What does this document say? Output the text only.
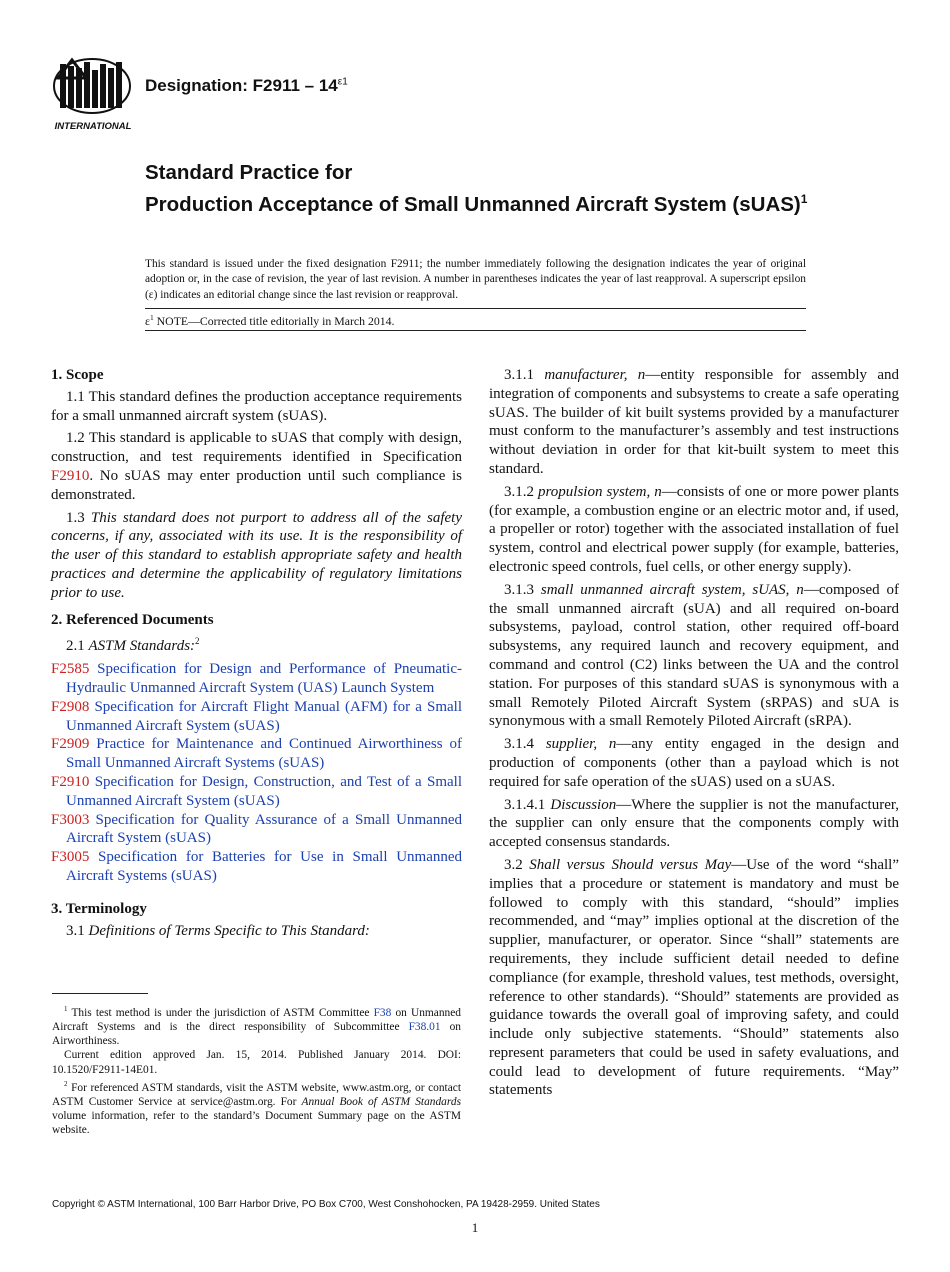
INTERNATIONAL
Designation: $F2911 - 14^{\varepsilon 1}$
Standard Practice for
Production Acceptance of Small Unmanned Aircraft System (sUAS)$^1$
This standard is issued under the fixed designation F2911; the number immediately following the designation indicates the year of original adoption or, in the case of revision, the year of last revision. A number in parentheses indicates the year of last reapproval. A superscript epsilon (ε) indicates an editorial change since the last revision or reapproval.
$\varepsilon^1$ NOTE—Corrected title editorially in March 2014.

1. Scope

1.1 This standard defines the production acceptance requirements for a small unmanned aircraft system (sUAS).

1.2 This standard is applicable to sUAS that comply with design, construction, and test requirements identified in Specification F2910. No sUAS may enter production until such compliance is demonstrated.

1.3 This standard does not purport to address all of the safety concerns, if any, associated with its use. It is the responsibility of the user of this standard to establish appropriate safety and health practices and determine the applicability of regulatory limitations prior to use.

2. Referenced Documents

2.1 ASTM Standards:$^2$

F2585 Specification for Design and Performance of Pneumatic-Hydraulic Unmanned Aircraft System (UAS) Launch System

F2908 Specification for Aircraft Flight Manual (AFM) for a Small Unmanned Aircraft System (sUAS)

F2909 Practice for Maintenance and Continued Airworthiness of Small Unmanned Aircraft Systems (sUAS)

F2910 Specification for Design, Construction, and Test of a Small Unmanned Aircraft System (sUAS)

F3003 Specification for Quality Assurance of a Small Unmanned Aircraft System (sUAS)

F3005 Specification for Batteries for Use in Small Unmanned Aircraft Systems (sUAS)

3. Terminology

3.1 Definitions of Terms Specific to This Standard:

3.1.1 manufacturer, n—entity responsible for assembly and integration of components and subsystems to create a safe operating sUAS. The builder of kit built systems provided by a manufacturer must conform to the manufacturer’s assembly and test instructions without deviation in order for that kit-built system to meet this standard.

3.1.2 propulsion system, n—consists of one or more power plants (for example, a combustion engine or an electric motor and, if used, a propeller or rotor) together with the associated installation of fuel system, control and electrical power supply (for example, batteries, electronic speed controls, fuel cells, or other energy supply).

3.1.3 small unmanned aircraft system, sUAS, n—composed of the small unmanned aircraft (sUA) and all required on-board subsystems, payload, control station, other required off-board subsystems, any required launch and recovery equipment, and command and control (C2) links between the UA and the control station. For purposes of this standard sUAS is synonymous with a small Remotely Piloted Aircraft System (sRPAS) and sUA is synonymous with a small Remotely Piloted Aircraft (sRPA).

3.1.4 supplier, n—any entity engaged in the design and production of components (other than a payload which is not required for safe operation of the sUAS) used on a sUAS.

3.1.4.1 Discussion—Where the supplier is not the manufacturer, the supplier can only ensure that the components comply with accepted consensus standards.

3.2 Shall versus Should versus May—Use of the word “shall” implies that a procedure or statement is mandatory and must be followed to comply with this standard, “should” implies recommended, and “may” implies optional at the discretion of the supplier, manufacturer, or operator. Since “shall” statements are requirements, they include sufficient detail needed to define compliance (for example, threshold values, test methods, oversight, reference to other standards). “Should” statements are provided as guidance towards the overall goal of improving safety, and could include only subjective statements. “Should” statements also represent parameters that could be used in safety evaluations, and could lead to development of future requirements. “May” statements

$^1$ This test method is under the jurisdiction of ASTM Committee F38 on Unmanned Aircraft Systems and is the direct responsibility of Subcommittee F38.01 on Airworthiness.

Current edition approved Jan. 15, 2014. Published January 2014. DOI: 10.1520/F2911-14E01.

$^2$ For referenced ASTM standards, visit the ASTM website, www.astm.org, or contact ASTM Customer Service at service@astm.org. For Annual Book of ASTM Standards volume information, refer to the standard’s Document Summary page on the ASTM website.

Copyright © ASTM International, 100 Barr Harbor Drive, PO Box C700, West Conshohocken, PA 19428-2959. United States
1
